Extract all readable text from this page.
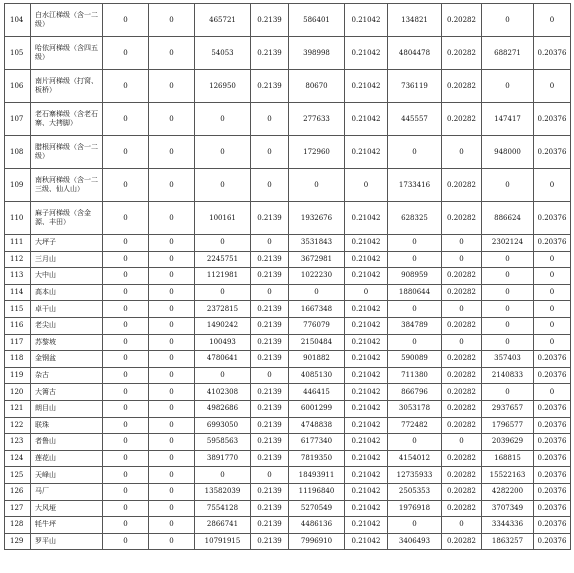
104	白水江梯级（含一二级）	0	0	465721	0.2139	586401	0.21042	134821	0.20282	0	0
105	哈依河梯级（含四五级）	0	0	54053	0.2139	398998	0.21042	4804478	0.20282	688271	0.20376
106	南片河梯级（打窝、板桥）	0	0	126950	0.2139	80670	0.21042	736119	0.20282	0	0
107	老石寨梯级（含老石寨、大拷脚）	0	0	0	0	277633	0.21042	445557	0.20282	147417	0.20376
108	腊根河梯级（含一二级）	0	0	0	0	172960	0.21042	0	0	948000	0.20376
109	南秋河梯级（含一二三级、仙人山）	0	0	0	0	0	0	1733416	0.20282	0	0
110	麻子河梯级（含金源、丰田）	0	0	100161	0.2139	1932676	0.21042	628325	0.20282	886624	0.20376
111	大坪子	0	0	0	0	3531843	0.21042	0	0	2302124	0.20376
112	三月山	0	0	2245751	0.2139	3672981	0.21042	0	0	0	0
113	大中山	0	0	1121981	0.2139	1022230	0.21042	908959	0.20282	0	0
114	高本山	0	0	0	0	0	0	1880644	0.20282	0	0
115	卓干山	0	0	2372815	0.2139	1667348	0.21042	0	0	0	0
116	老尖山	0	0	1490242	0.2139	776079	0.21042	384789	0.20282	0	0
117	苏黎坡	0	0	100493	0.2139	2150484	0.21042	0	0	0	0
118	金钢盆	0	0	4780641	0.2139	901882	0.21042	590089	0.20282	357403	0.20376
119	杂古	0	0	0	0	4085130	0.21042	711380	0.20282	2140833	0.20376
120	大箐古	0	0	4102308	0.2139	446415	0.21042	866796	0.20282	0	0
121	朗目山	0	0	4982686	0.2139	6001299	0.21042	3053178	0.20282	2937657	0.20376
122	联珠	0	0	6993050	0.2139	4748838	0.21042	772482	0.20282	1796577	0.20376
123	者鲁山	0	0	5958563	0.2139	6177340	0.21042	0	0	2039629	0.20376
124	莲花山	0	0	3891770	0.2139	7819350	0.21042	4154012	0.20282	168815	0.20376
125	天峰山	0	0	0	0	18493911	0.21042	12735933	0.20282	15522163	0.20376
126	马厂	0	0	13582039	0.2139	11196840	0.21042	2505353	0.20282	4282200	0.20376
127	大风垭	0	0	7554128	0.2139	5270549	0.21042	1976918	0.20282	3707349	0.20376
128	牦牛坪	0	0	2866741	0.2139	4486136	0.21042	0	0	3344336	0.20376
129	罗平山	0	0	10791915	0.2139	7996910	0.21042	3406493	0.20282	1863257	0.20376
